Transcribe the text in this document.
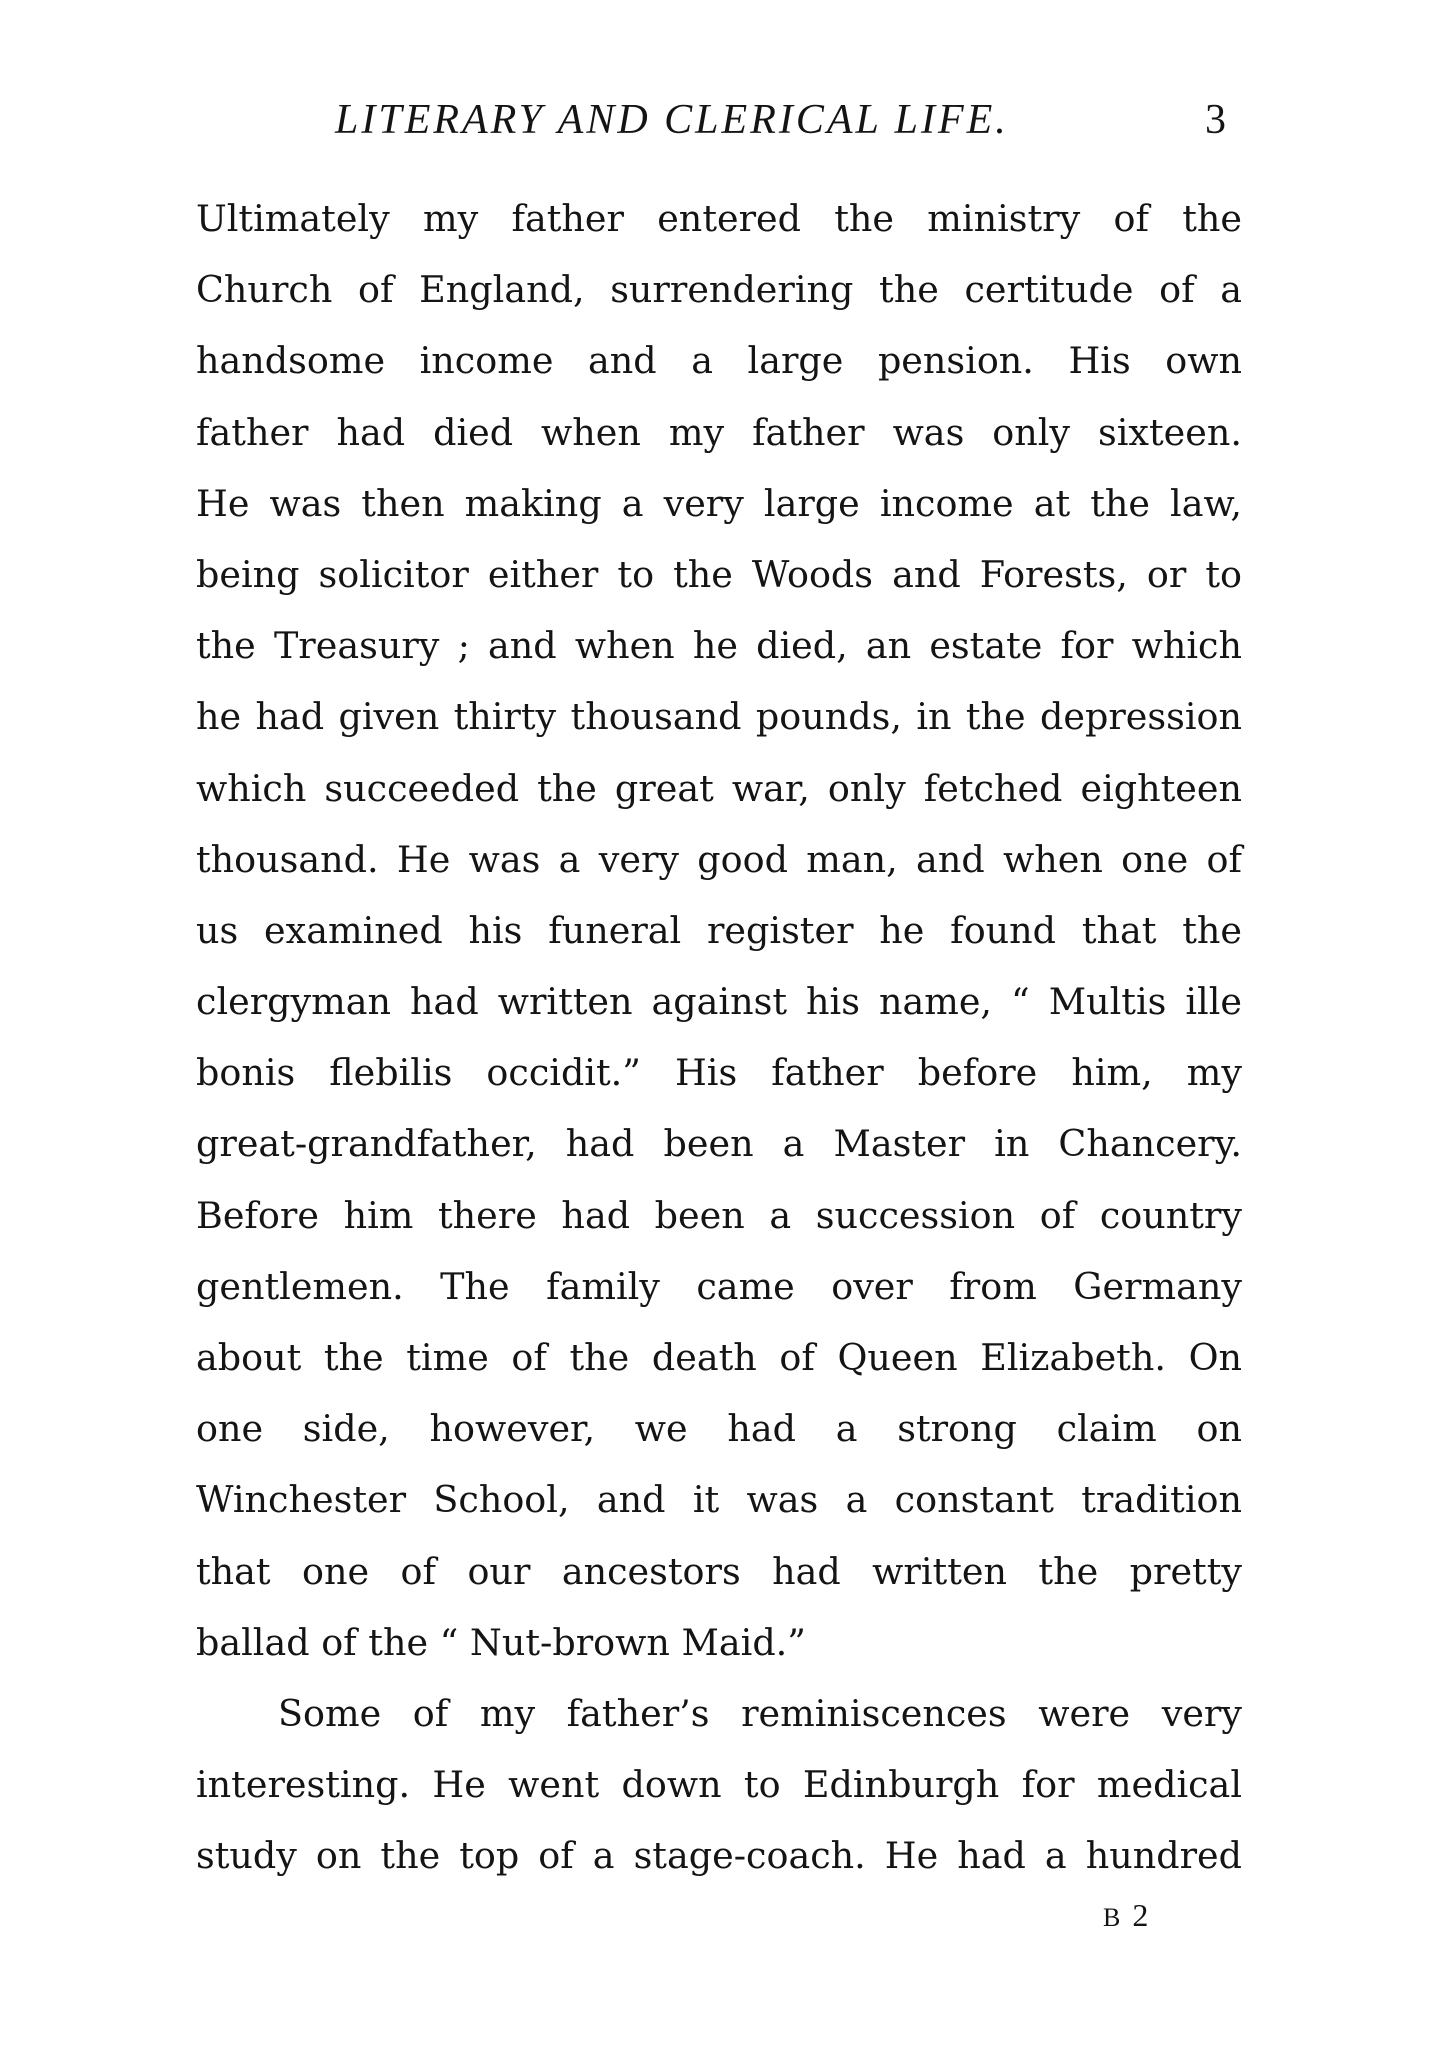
LITERARY AND CLERICAL LIFE.	3
Ultimately my father entered the ministry of the
Church of England, surrendering the certitude of a
handsome income and a large pension. His own
father had died when my father was only sixteen.
He was then making a very large income at the law,
being solicitor either to the Woods and Forests, or to
the Treasury ; and when he died, an estate for which
he had given thirty thousand pounds, in the depression
which succeeded the great war, only fetched eighteen
thousand. He was a very good man, and when one of
us examined his funeral register he found that the
clergyman had written against his name, “ Multis ille
bonis flebilis occidit.” His father before him, my
great-grandfather, had been a Master in Chancery.
Before him there had been a succession of country
gentlemen. The family came over from Germany
about the time of the death of Queen Elizabeth. On
one side, however, we had a strong claim on
Winchester School, and it was a constant tradition
that one of our ancestors had written the pretty
ballad of the “ Nut-brown Maid.”
Some of my father’s reminiscences were very
interesting. He went down to Edinburgh for medical
study on the top of a stage-coach. He had a hundred
B 2
